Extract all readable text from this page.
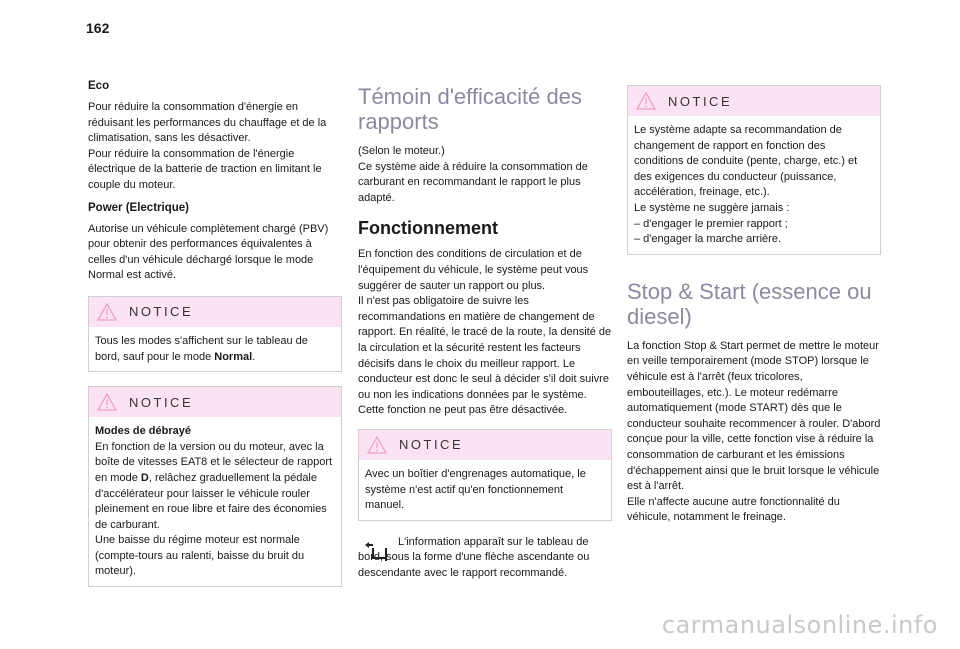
162
Eco
Pour réduire la consommation d'énergie en réduisant les performances du chauffage et de la climatisation, sans les désactiver.
Pour réduire la consommation de l'énergie électrique de la batterie de traction en limitant le couple du moteur.
Power (Electrique)
Autorise un véhicule complètement chargé (PBV) pour obtenir des performances équivalentes à celles d'un véhicule déchargé lorsque le mode Normal est activé.
NOTICE
Tous les modes s'affichent sur le tableau de bord, sauf pour le mode Normal.
NOTICE
Modes de débrayé
En fonction de la version ou du moteur, avec la boîte de vitesses EAT8 et le sélecteur de rapport en mode D, relâchez graduellement la pédale d'accélérateur pour laisser le véhicule rouler pleinement en roue libre et faire des économies de carburant.
Une baisse du régime moteur est normale (compte-tours au ralenti, baisse du bruit du moteur).
Témoin d'efficacité des rapports
(Selon le moteur.)
Ce système aide à réduire la consommation de carburant en recommandant le rapport le plus adapté.
Fonctionnement
En fonction des conditions de circulation et de l'équipement du véhicule, le système peut vous suggérer de sauter un rapport ou plus.
Il n'est pas obligatoire de suivre les recommandations en matière de changement de rapport. En réalité, le tracé de la route, la densité de la circulation et la sécurité restent les facteurs décisifs dans le choix du meilleur rapport. Le conducteur est donc le seul à décider s'il doit suivre ou non les indications données par le système.
Cette fonction ne peut pas être désactivée.
NOTICE
Avec un boîtier d'engrenages automatique, le système n'est actif qu'en fonctionnement manuel.
L'information apparaît sur le tableau de bord, sous la forme d'une flèche ascendante ou descendante avec le rapport recommandé.
NOTICE
Le système adapte sa recommandation de changement de rapport en fonction des conditions de conduite (pente, charge, etc.) et des exigences du conducteur (puissance, accélération, freinage, etc.).
Le système ne suggère jamais :
– d'engager le premier rapport ;
– d'engager la marche arrière.
Stop & Start (essence ou diesel)
La fonction Stop & Start permet de mettre le moteur en veille temporairement (mode STOP) lorsque le véhicule est à l'arrêt (feux tricolores, embouteillages, etc.). Le moteur redémarre automatiquement (mode START) dès que le conducteur souhaite recommencer à rouler. D'abord conçue pour la ville, cette fonction vise à réduire la consommation de carburant et les émissions d'échappement ainsi que le bruit lorsque le véhicule est à l'arrêt.
Elle n'affecte aucune autre fonctionnalité du véhicule, notamment le freinage.
carmanualsonline.info
